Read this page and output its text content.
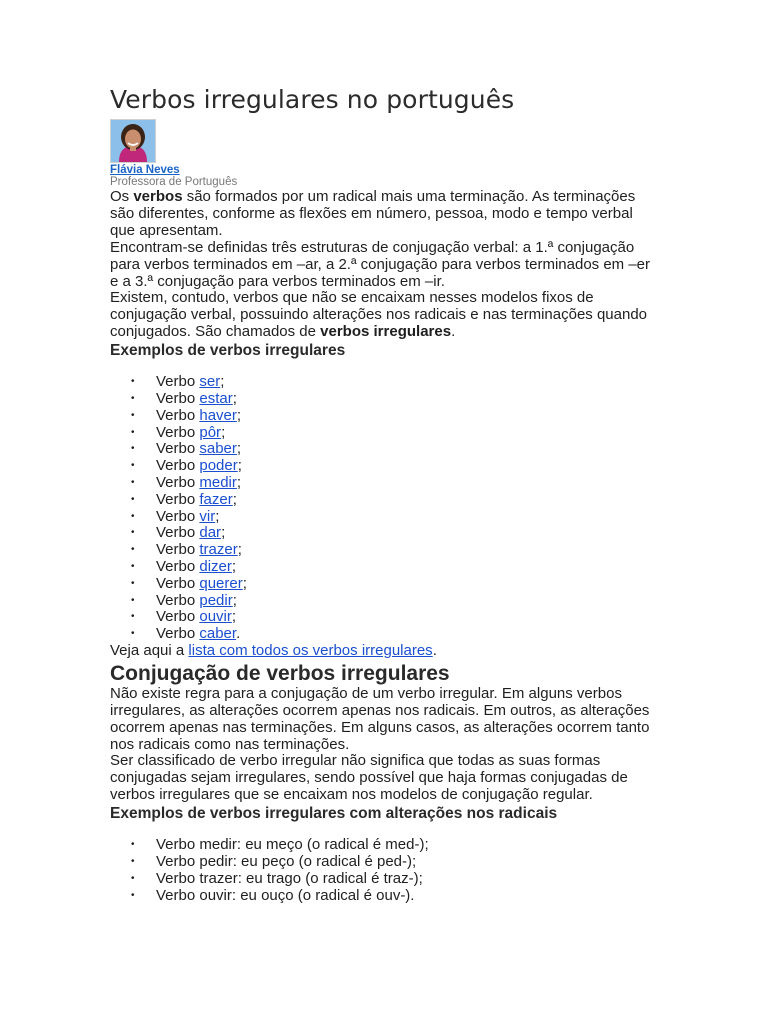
Verbos irregulares no português
Flávia Neves
Professora de Português

Os verbos são formados por um radical mais uma terminação. As terminações são diferentes, conforme as flexões em número, pessoa, modo e tempo verbal que apresentam.

Encontram-se definidas três estruturas de conjugação verbal: a 1.ª conjugação para verbos terminados em –ar, a 2.ª conjugação para verbos terminados em –er e a 3.ª conjugação para verbos terminados em –ir.

Existem, contudo, verbos que não se encaixam nesses modelos fixos de conjugação verbal, possuindo alterações nos radicais e nas terminações quando conjugados. São chamados de verbos irregulares.

Exemplos de verbos irregulares
• Verbo ser;
• Verbo estar;
• Verbo haver;
• Verbo pôr;
• Verbo saber;
• Verbo poder;
• Verbo medir;
• Verbo fazer;
• Verbo vir;
• Verbo dar;
• Verbo trazer;
• Verbo dizer;
• Verbo querer;
• Verbo pedir;
• Verbo ouvir;
• Verbo caber.

Veja aqui a lista com todos os verbos irregulares.

Conjugação de verbos irregulares

Não existe regra para a conjugação de um verbo irregular. Em alguns verbos irregulares, as alterações ocorrem apenas nos radicais. Em outros, as alterações ocorrem apenas nas terminações. Em alguns casos, as alterações ocorrem tanto nos radicais como nas terminações.

Ser classificado de verbo irregular não significa que todas as suas formas conjugadas sejam irregulares, sendo possível que haja formas conjugadas de verbos irregulares que se encaixam nos modelos de conjugação regular.

Exemplos de verbos irregulares com alterações nos radicais
• Verbo medir: eu meço (o radical é med-);
• Verbo pedir: eu peço (o radical é ped-);
• Verbo trazer: eu trago (o radical é traz-);
• Verbo ouvir: eu ouço (o radical é ouv-).
